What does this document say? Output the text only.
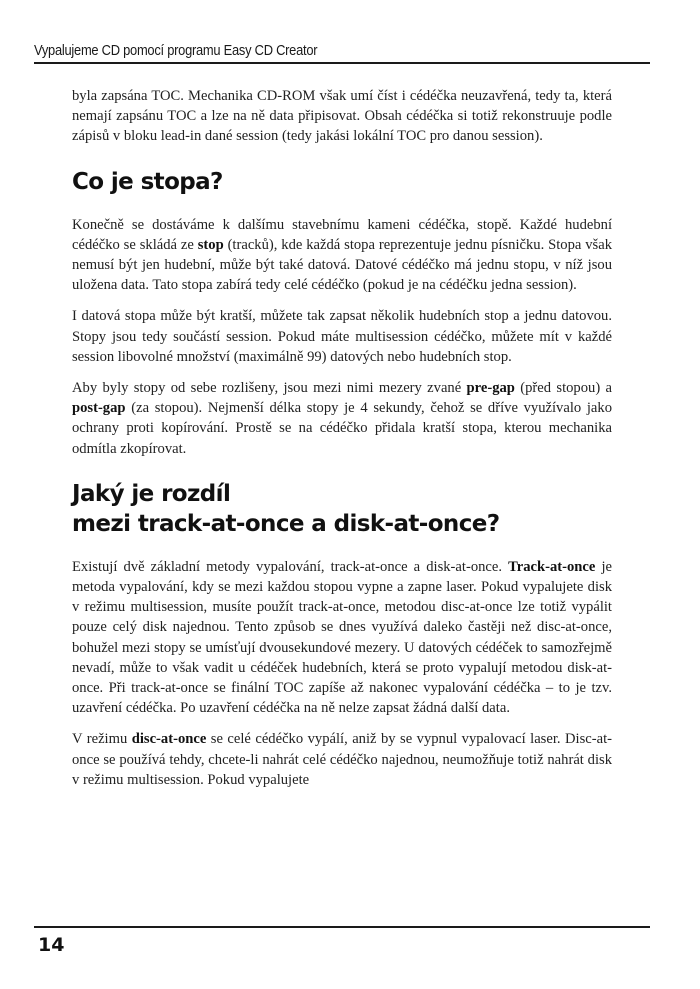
Vypalujeme CD pomocí programu Easy CD Creator

byla zapsána TOC. Mechanika CD-ROM však umí číst i cédéčka neuzavřená, tedy ta, která nemají zapsánu TOC a lze na ně data připisovat. Obsah cédéčka si totiž rekonstruuje podle zápisů v bloku lead-in dané session (tedy jakási lokální TOC pro danou session).

Co je stopa?

Konečně se dostáváme k dalšímu stavebnímu kameni cédéčka, stopě. Každé hudební cédéčko se skládá ze stop (tracků), kde každá stopa reprezentuje jednu písničku. Stopa však nemusí být jen hudební, může být také datová. Datové cédéčko má jednu stopu, v níž jsou uložena data. Tato stopa zabírá tedy celé cédéčko (pokud je na cédéčku jedna session).

I datová stopa může být kratší, můžete tak zapsat několik hudebních stop a jednu datovou. Stopy jsou tedy součástí session. Pokud máte multisession cédéčko, můžete mít v každé session libovolné množství (maximálně 99) datových nebo hudebních stop.

Aby byly stopy od sebe rozlišeny, jsou mezi nimi mezery zvané pre-gap (před stopou) a post-gap (za stopou). Nejmenší délka stopy je 4 sekundy, čehož se dříve využívalo jako ochrany proti kopírování. Prostě se na cédéčko přidala kratší stopa, kterou mechanika odmítla zkopírovat.

Jaký je rozdíl
mezi track-at-once a disk-at-once?

Existují dvě základní metody vypalování, track-at-once a disk-at-once. Track-at-once je metoda vypalování, kdy se mezi každou stopou vypne a zapne laser. Pokud vypalujete disk v režimu multisession, musíte použít track-at-once, metodou disc-at-once lze totiž vypálit pouze celý disk najednou. Tento způsob se dnes využívá daleko častěji než disc-at-once, bohužel mezi stopy se umísťují dvousekundové mezery. U datových cédéček to samozřejmě nevadí, může to však vadit u cédéček hudebních, která se proto vypalují metodou disk-at-once. Při track-at-once se finální TOC zapíše až nakonec vypalování cédéčka – to je tzv. uzavření cédéčka. Po uzavření cédéčka na ně nelze zapsat žádná další data.

V režimu disc-at-once se celé cédéčko vypálí, aniž by se vypnul vypalovací laser. Disc-at-once se používá tehdy, chcete-li nahrát celé cédéčko najednou, neumožňuje totiž nahrát disk v režimu multisession. Pokud vypalujete

14
